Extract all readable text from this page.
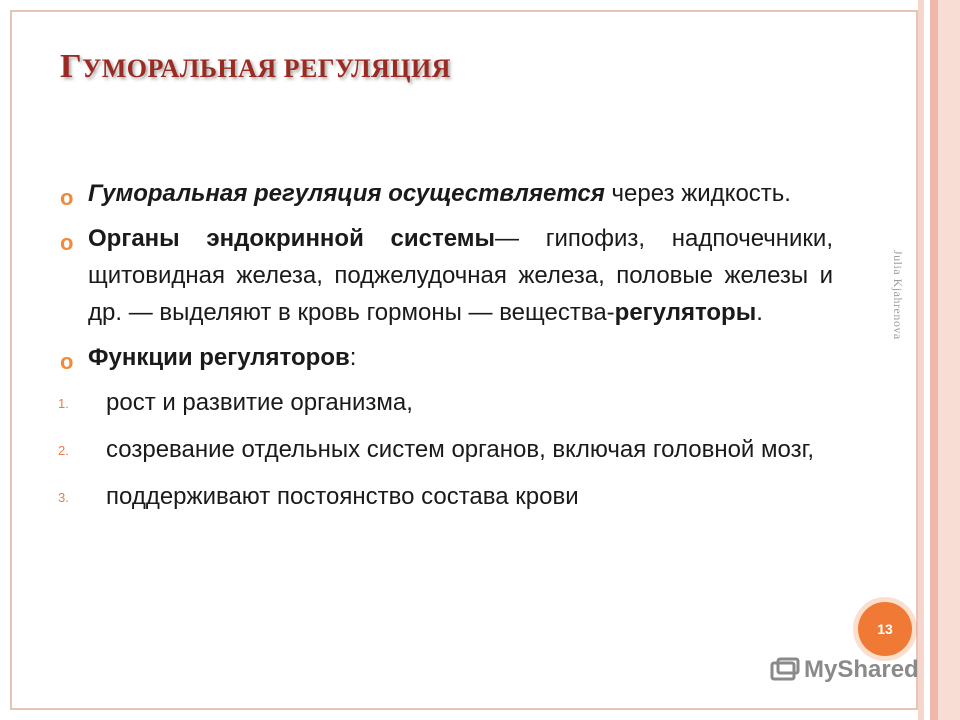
ГУМОРАЛЬНАЯ РЕГУЛЯЦИЯ
o Гуморальная регуляция осуществляется через жидкость.
o Органы эндокринной системы— гипофиз, надпочечники, щитовидная железа, поджелудочная железа, половые железы и др. — выделяют в кровь гормоны — вещества-регуляторы.
o Функции регуляторов:
1. рост и развитие организма,
2. созревание отдельных систем органов, включая головной мозг,
3. поддерживают постоянство состава крови
Julia Kjahrenova
13
MyShared
